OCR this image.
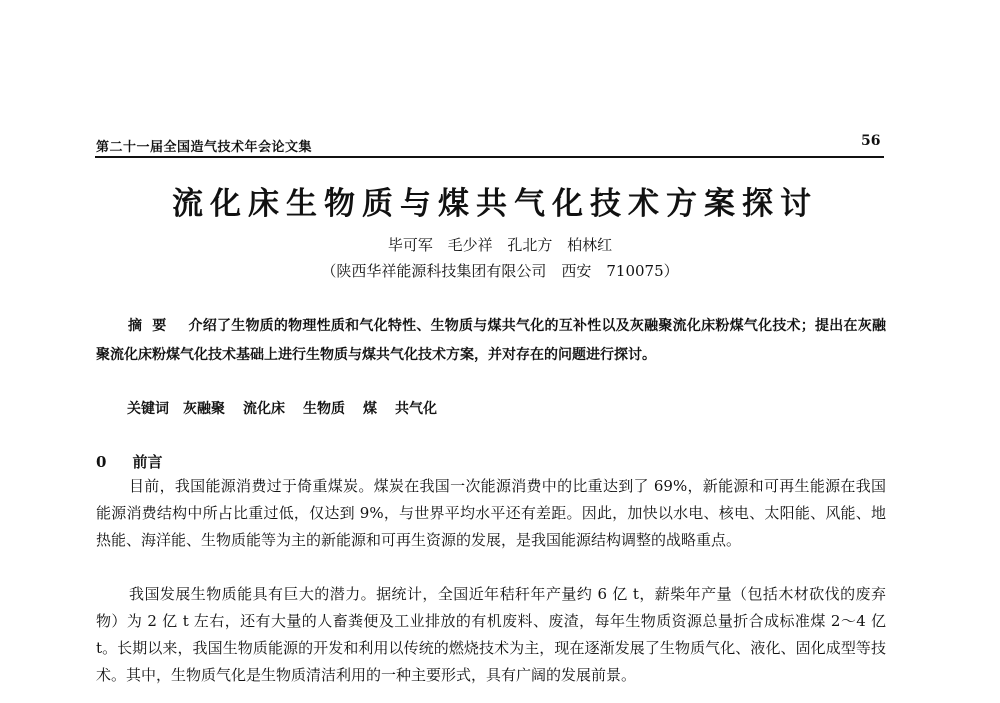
第二十一届全国造气技术年会论文集	56
流化床生物质与煤共气化技术方案探讨
毕可军 毛少祥 孔北方 柏林红
（陕西华祥能源科技集团有限公司　西安　710075）

摘要 介绍了生物质的物理性质和气化特性、生物质与煤共气化的互补性以及灰融聚流化床粉煤气化技术；提出在灰融聚流化床粉煤气化技术基础上进行生物质与煤共气化技术方案，并对存在的问题进行探讨。

关键词 灰融聚 流化床 生物质 煤 共气化
0 前言

目前，我国能源消费过于倚重煤炭。煤炭在我国一次能源消费中的比重达到了 69%，新能源和可再生能源在我国能源消费结构中所占比重过低，仅达到 9%，与世界平均水平还有差距。因此，加快以水电、核电、太阳能、风能、地热能、海洋能、生物质能等为主的新能源和可再生资源的发展，是我国能源结构调整的战略重点。

我国发展生物质能具有巨大的潜力。据统计，全国近年秸秆年产量约 6 亿 t，薪柴年产量（包括木材砍伐的废弃物）为 2 亿 t 左右，还有大量的人畜粪便及工业排放的有机废料、废渣，每年生物质资源总量折合成标准煤 2～4 亿 t。长期以来，我国生物质能源的开发和利用以传统的燃烧技术为主，现在逐渐发展了生物质气化、液化、固化成型等技术。其中，生物质气化是生物质清洁利用的一种主要形式，具有广阔的发展前景。
